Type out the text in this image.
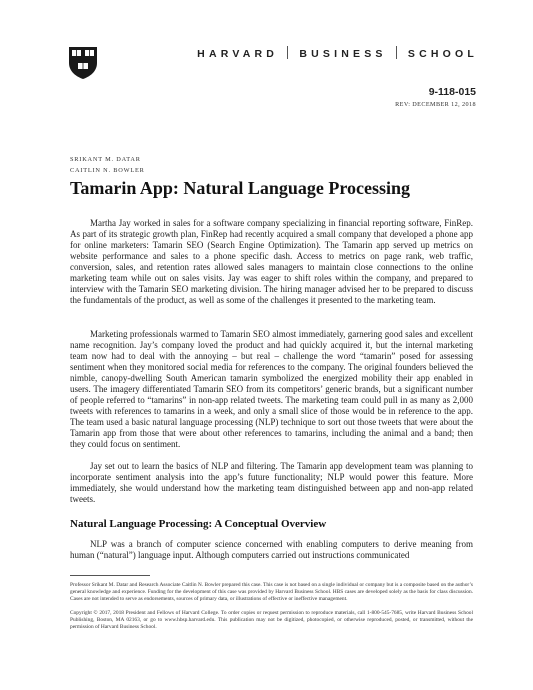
HARVARD BUSINESS SCHOOL
9-118-015
REV: DECEMBER 12, 2018
SRIKANT M. DATAR
CAITLIN N. BOWLER
Tamarin App: Natural Language Processing

Martha Jay worked in sales for a software company specializing in financial reporting software, FinRep. As part of its strategic growth plan, FinRep had recently acquired a small company that developed a phone app for online marketers: Tamarin SEO (Search Engine Optimization). The Tamarin app served up metrics on website performance and sales to a phone specific dash. Access to metrics on page rank, web traffic, conversion, sales, and retention rates allowed sales managers to maintain close connections to the online marketing team while out on sales visits. Jay was eager to shift roles within the company, and prepared to interview with the Tamarin SEO marketing division. The hiring manager advised her to be prepared to discuss the fundamentals of the product, as well as some of the challenges it presented to the marketing team.

Marketing professionals warmed to Tamarin SEO almost immediately, garnering good sales and excellent name recognition. Jay’s company loved the product and had quickly acquired it, but the internal marketing team now had to deal with the annoying – but real – challenge the word “tamarin” posed for assessing sentiment when they monitored social media for references to the company. The original founders believed the nimble, canopy-dwelling South American tamarin symbolized the energized mobility their app enabled in users. The imagery differentiated Tamarin SEO from its competitors’ generic brands, but a significant number of people referred to “tamarins” in non-app related tweets. The marketing team could pull in as many as 2,000 tweets with references to tamarins in a week, and only a small slice of those would be in reference to the app. The team used a basic natural language processing (NLP) technique to sort out those tweets that were about the Tamarin app from those that were about other references to tamarins, including the animal and a band; then they could focus on sentiment.

Jay set out to learn the basics of NLP and filtering. The Tamarin app development team was planning to incorporate sentiment analysis into the app’s future functionality; NLP would power this feature. More immediately, she would understand how the marketing team distinguished between app and non-app related tweets.

Natural Language Processing: A Conceptual Overview

NLP was a branch of computer science concerned with enabling computers to derive meaning from human (“natural”) language input. Although computers carried out instructions communicated

Professor Srikant M. Datar and Research Associate Caitlin N. Bowler prepared this case. This case is not based on a single individual or company but is a composite based on the author’s general knowledge and experience. Funding for the development of this case was provided by Harvard Business School. HBS cases are developed solely as the basis for class discussion. Cases are not intended to serve as endorsements, sources of primary data, or illustrations of effective or ineffective management.

Copyright © 2017, 2018 President and Fellows of Harvard College. To order copies or request permission to reproduce materials, call 1-800-545-7685, write Harvard Business School Publishing, Boston, MA 02163, or go to www.hbsp.harvard.edu. This publication may not be digitized, photocopied, or otherwise reproduced, posted, or transmitted, without the permission of Harvard Business School.
